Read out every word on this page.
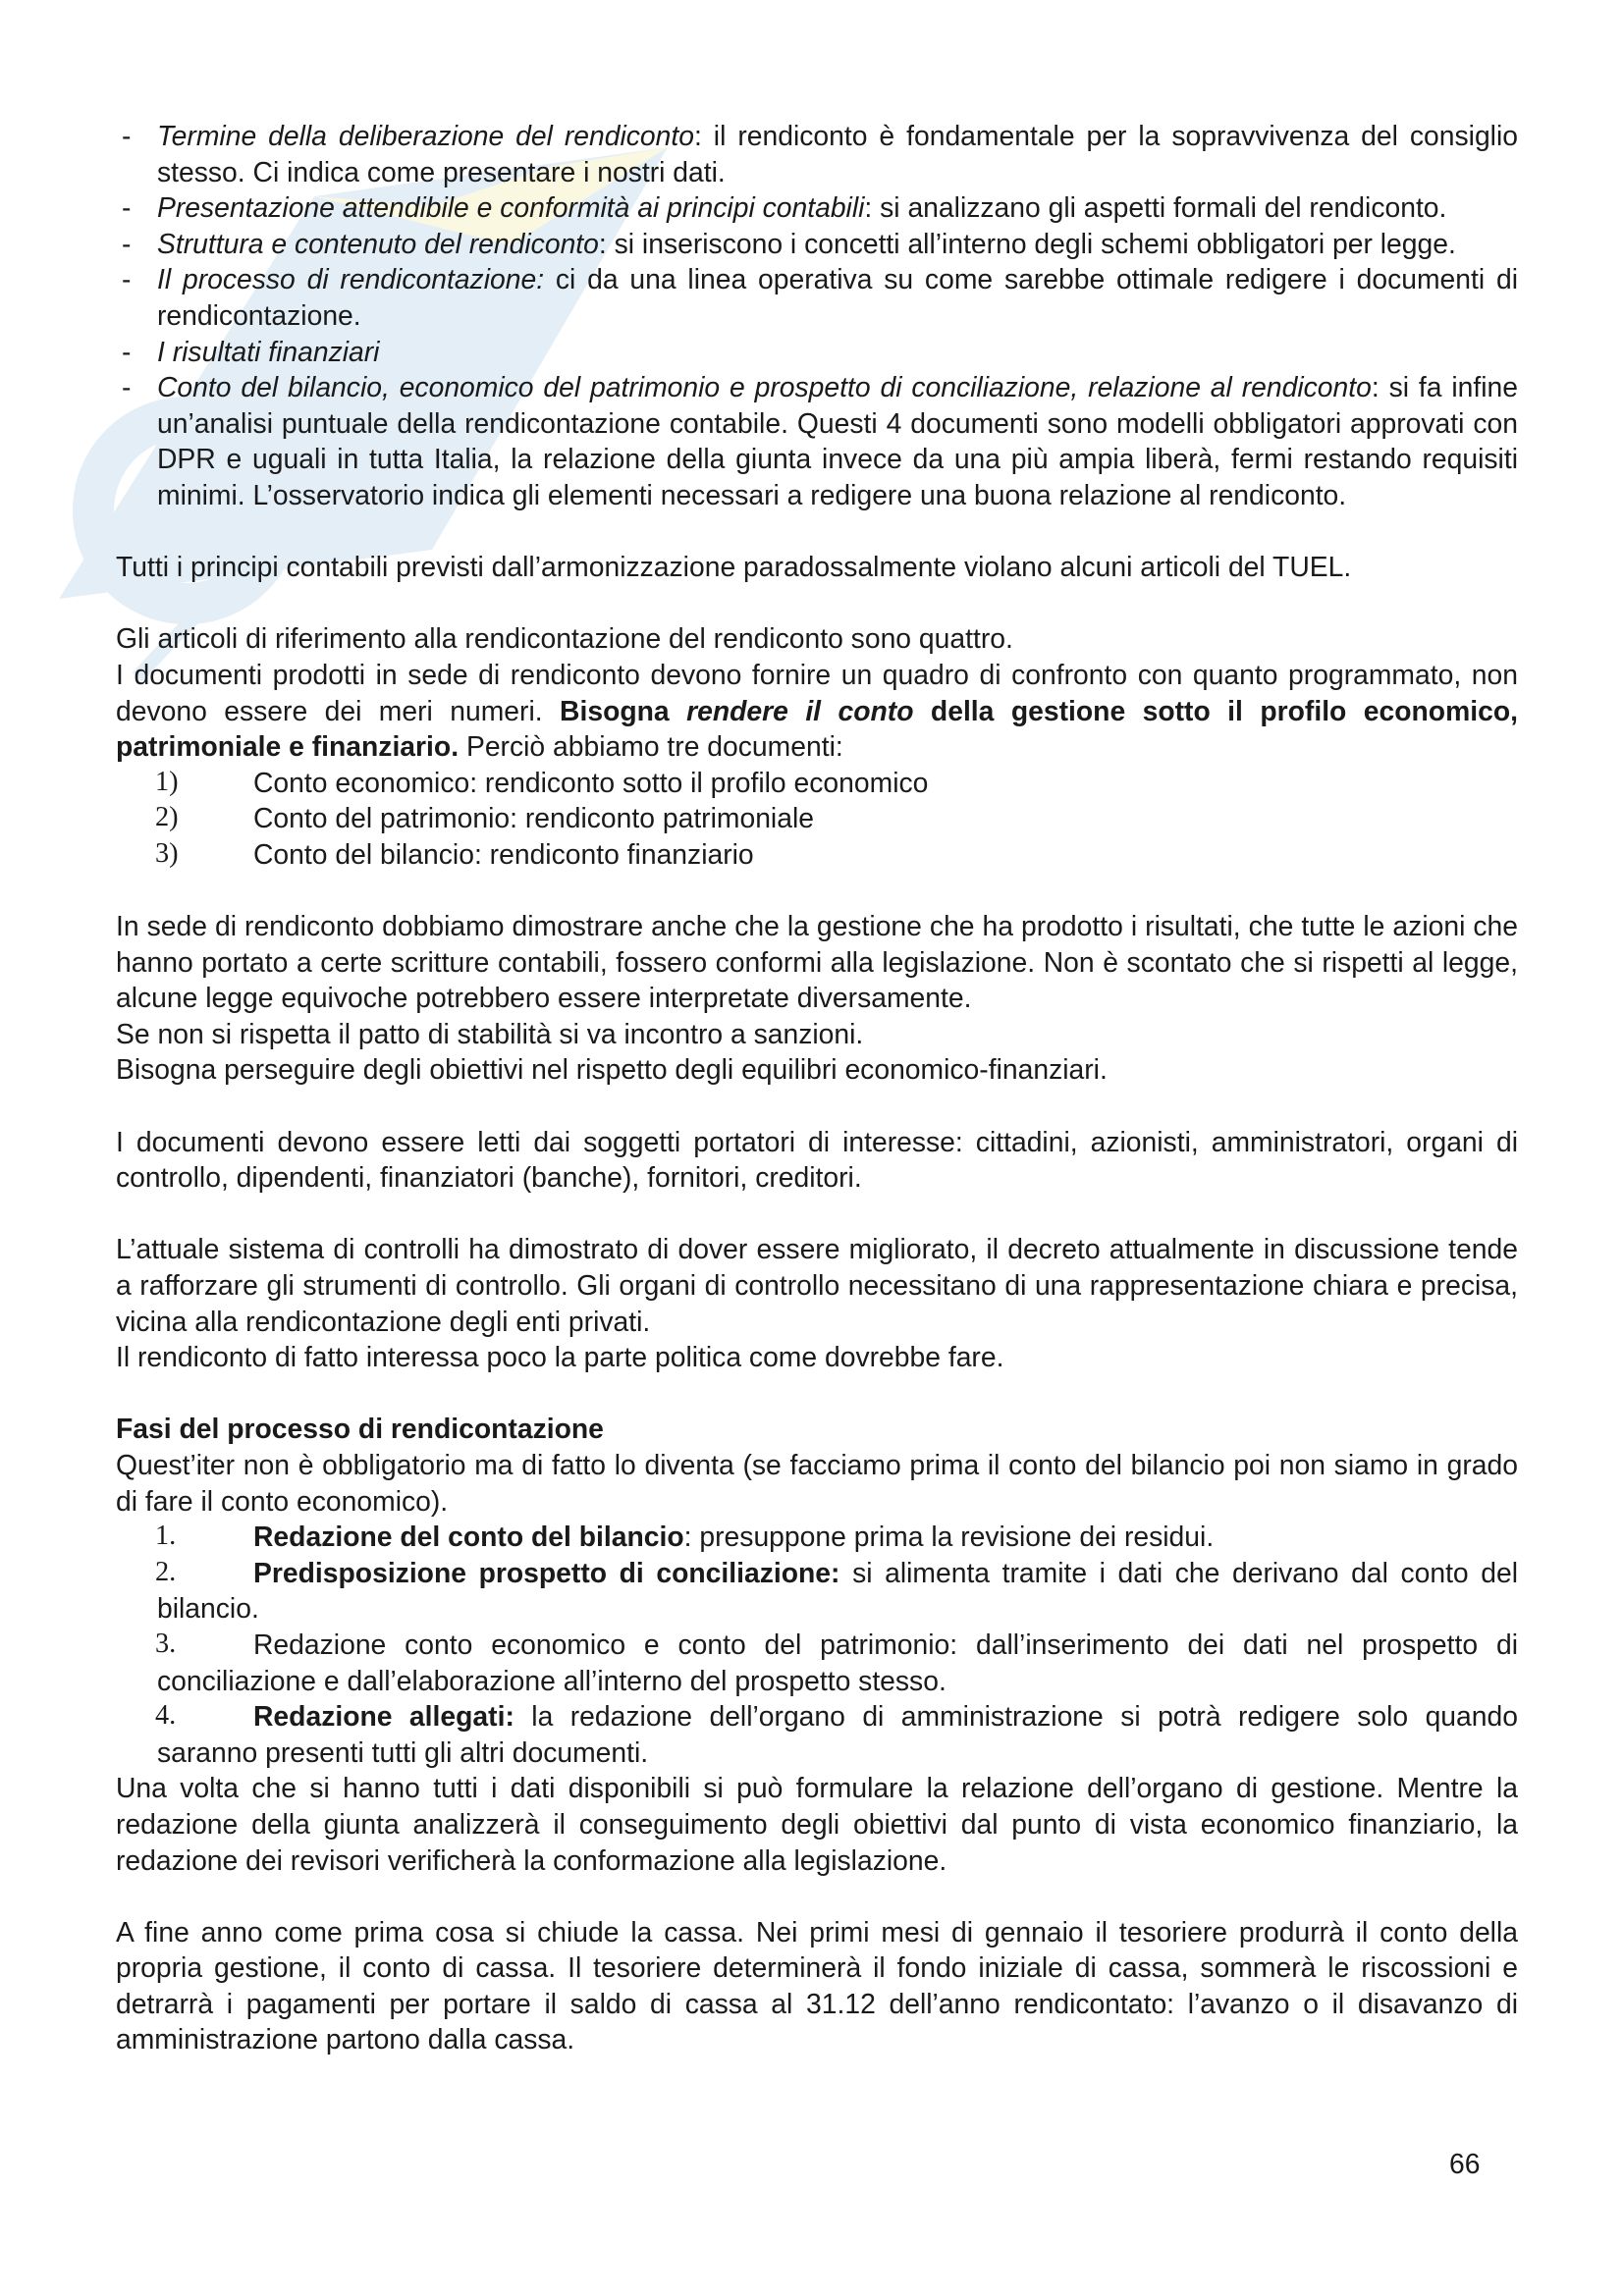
- Termine della deliberazione del rendiconto: il rendiconto è fondamentale per la sopravvivenza del consiglio stesso. Ci indica come presentare i nostri dati.
- Presentazione attendibile e conformità ai principi contabili: si analizzano gli aspetti formali del rendiconto.
- Struttura e contenuto del rendiconto: si inseriscono i concetti all’interno degli schemi obbligatori per legge.
- Il processo di rendicontazione: ci da una linea operativa su come sarebbe ottimale redigere i documenti di rendicontazione.
- I risultati finanziari
- Conto del bilancio, economico del patrimonio e prospetto di conciliazione, relazione al rendiconto: si fa infine un’analisi puntuale della rendicontazione contabile. Questi 4 documenti sono modelli obbligatori approvati con DPR e uguali in tutta Italia, la relazione della giunta invece da una più ampia liberà, fermi restando requisiti minimi. L’osservatorio indica gli elementi necessari a redigere una buona relazione al rendiconto.

Tutti i principi contabili previsti dall’armonizzazione paradossalmente violano alcuni articoli del TUEL.

Gli articoli di riferimento alla rendicontazione del rendiconto sono quattro.

I documenti prodotti in sede di rendiconto devono fornire un quadro di confronto con quanto programmato, non devono essere dei meri numeri. Bisogna rendere il conto della gestione sotto il profilo economico, patrimoniale e finanziario. Perciò abbiamo tre documenti:

1)	Conto economico: rendiconto sotto il profilo economico
2)	Conto del patrimonio: rendiconto patrimoniale
3)	Conto del bilancio: rendiconto finanziario

In sede di rendiconto dobbiamo dimostrare anche che la gestione che ha prodotto i risultati, che tutte le azioni che hanno portato a certe scritture contabili, fossero conformi alla legislazione. Non è scontato che si rispetti al legge, alcune legge equivoche potrebbero essere interpretate diversamente.

Se non si rispetta il patto di stabilità si va incontro a sanzioni.

Bisogna perseguire degli obiettivi nel rispetto degli equilibri economico-finanziari.

I documenti devono essere letti dai soggetti portatori di interesse: cittadini, azionisti, amministratori, organi di controllo, dipendenti, finanziatori (banche), fornitori, creditori.

L’attuale sistema di controlli ha dimostrato di dover essere migliorato, il decreto attualmente in discussione tende a rafforzare gli strumenti di controllo. Gli organi di controllo necessitano di una rappresentazione chiara e precisa, vicina alla rendicontazione degli enti privati.

Il rendiconto di fatto interessa poco la parte politica come dovrebbe fare.

Fasi del processo di rendicontazione

Quest’iter non è obbligatorio ma di fatto lo diventa (se facciamo prima il conto del bilancio poi non siamo in grado di fare il conto economico).

1.	Redazione del conto del bilancio: presuppone prima la revisione dei residui.
2.	Predisposizione prospetto di conciliazione: si alimenta tramite i dati che derivano dal conto del bilancio.
3.	Redazione conto economico e conto del patrimonio: dall’inserimento dei dati nel prospetto di conciliazione e dall’elaborazione all’interno del prospetto stesso.
4.	Redazione allegati: la redazione dell’organo di amministrazione si potrà redigere solo quando saranno presenti tutti gli altri documenti.

Una volta che si hanno tutti i dati disponibili si può formulare la relazione dell’organo di gestione. Mentre la redazione della giunta analizzerà il conseguimento degli obiettivi dal punto di vista economico finanziario, la redazione dei revisori verificherà la conformazione alla legislazione.

A fine anno come prima cosa si chiude la cassa. Nei primi mesi di gennaio il tesoriere produrrà il conto della propria gestione, il conto di cassa. Il tesoriere determinerà il fondo iniziale di cassa, sommerà le riscossioni e detrarrà i pagamenti per portare il saldo di cassa al 31.12 dell’anno rendicontato: l’avanzo o il disavanzo di amministrazione partono dalla cassa.

66
